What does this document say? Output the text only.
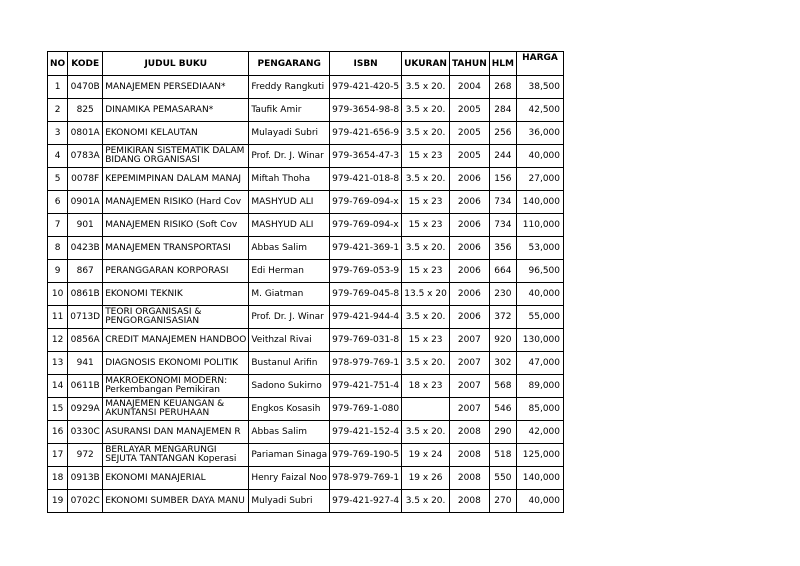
NO	KODE	JUDUL BUKU	PENGARANG	ISBN	UKURAN	TAHUN	HLM	HARGA
1	0470B	MANAJEMEN PERSEDIAAN*	Freddy Rangkuti	979-421-420-5	3.5 x 20.	2004	268	38,500
2	825	DINAMIKA PEMASARAN*	Taufik Amir	979-3654-98-8	3.5 x 20.	2005	284	42,500
3	0801A	EKONOMI KELAUTAN	Mulayadi Subri	979-421-656-9	3.5 x 20.	2005	256	36,000
4	0783A	PEMIKIRAN SISTEMATIK DALAM BIDANG ORGANISASI	Prof. Dr. J. Winar	979-3654-47-3	15 x 23	2005	244	40,000
5	0078F	KEPEMIMPINAN DALAM MANAJ	Miftah Thoha	979-421-018-8	3.5 x 20.	2006	156	27,000
6	0901A	MANAJEMEN RISIKO (Hard Cov	MASHYUD ALI	979-769-094-x	15 x 23	2006	734	140,000
7	901	MANAJEMEN RISIKO (Soft Cov	MASHYUD ALI	979-769-094-x	15 x 23	2006	734	110,000
8	0423B	MANAJEMEN TRANSPORTASI	Abbas Salim	979-421-369-1	3.5 x 20.	2006	356	53,000
9	867	PERANGGARAN KORPORASI	Edi Herman	979-769-053-9	15 x 23	2006	664	96,500
10	0861B	EKONOMI TEKNIK	M. Giatman	979-769-045-8	13.5 x 20	2006	230	40,000
11	0713D	TEORI ORGANISASI & PENGORGANISASIAN	Prof. Dr. J. Winar	979-421-944-4	3.5 x 20.	2006	372	55,000
12	0856A	CREDIT MANAJEMEN HANDBOO	Veithzal Rivai	979-769-031-8	15 x 23	2007	920	130,000
13	941	DIAGNOSIS EKONOMI POLITIK	Bustanul Arifin	978-979-769-1	3.5 x 20.	2007	302	47,000
14	0611B	MAKROEKONOMI MODERN: Perkembangan Pemikiran	Sadono Sukirno	979-421-751-4	18 x 23	2007	568	89,000
15	0929A	MANAJEMEN KEUANGAN & AKUNTANSI PERUHAAN	Engkos Kosasih	979-769-1-080		2007	546	85,000
16	0330C	ASURANSI DAN MANAJEMEN R	Abbas Salim	979-421-152-4	3.5 x 20.	2008	290	42,000
17	972	BERLAYAR MENGARUNGI SEJUTA TANTANGAN Koperasi	Pariaman Sinaga	979-769-190-5	19 x 24	2008	518	125,000
18	0913B	EKONOMI MANAJERIAL	Henry Faizal Noo	978-979-769-1	19 x 26	2008	550	140,000
19	0702C	EKONOMI SUMBER DAYA MANU	Mulyadi Subri	979-421-927-4	3.5 x 20.	2008	270	40,000
